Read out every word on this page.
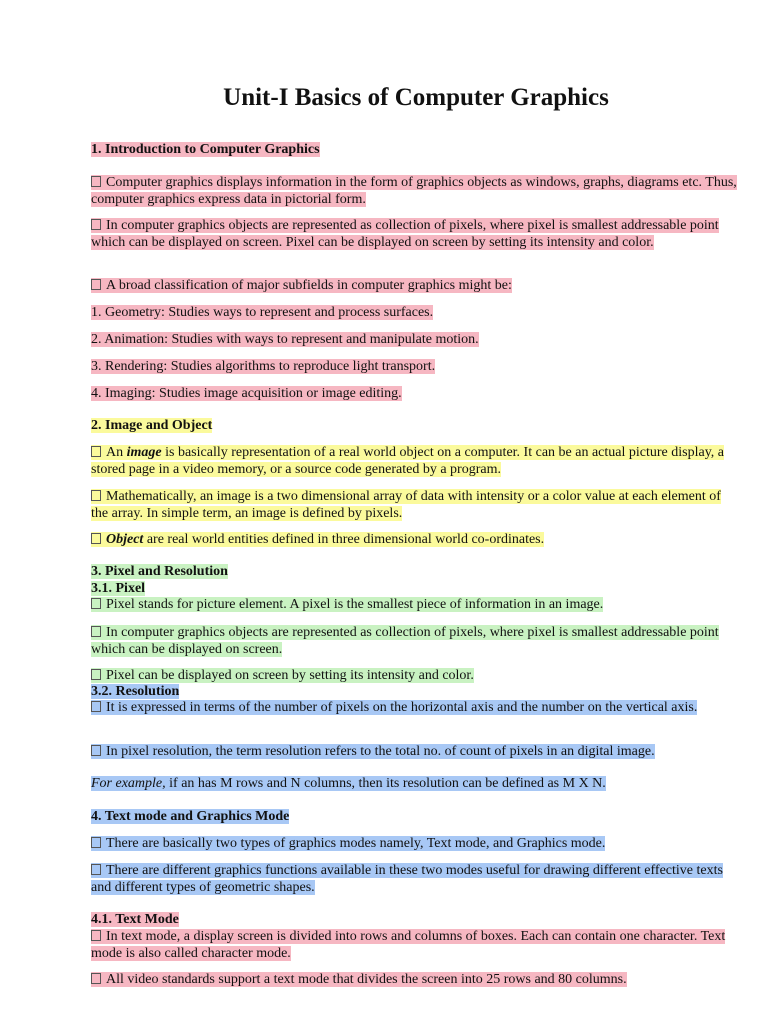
Unit-I Basics of Computer Graphics
1. Introduction to Computer Graphics
Computer graphics displays information in the form of graphics objects as windows, graphs, diagrams etc. Thus, computer graphics express data in pictorial form.
In computer graphics objects are represented as collection of pixels, where pixel is smallest addressable point which can be displayed on screen. Pixel can be displayed on screen by setting its intensity and color.
A broad classification of major subfields in computer graphics might be:
1. Geometry: Studies ways to represent and process surfaces.
2. Animation: Studies with ways to represent and manipulate motion.
3. Rendering: Studies algorithms to reproduce light transport.
4. Imaging: Studies image acquisition or image editing.
2. Image and Object
An image is basically representation of a real world object on a computer. It can be an actual picture display, a stored page in a video memory, or a source code generated by a program.
Mathematically, an image is a two dimensional array of data with intensity or a color value at each element of the array. In simple term, an image is defined by pixels.
Object are real world entities defined in three dimensional world co-ordinates.
3. Pixel and Resolution
3.1. Pixel
Pixel stands for picture element. A pixel is the smallest piece of information in an image.
In computer graphics objects are represented as collection of pixels, where pixel is smallest addressable point which can be displayed on screen.
Pixel can be displayed on screen by setting its intensity and color.
3.2. Resolution
It is expressed in terms of the number of pixels on the horizontal axis and the number on the vertical axis.
In pixel resolution, the term resolution refers to the total no. of count of pixels in an digital image.
For example, if an has M rows and N columns, then its resolution can be defined as M X N.
4. Text mode and Graphics Mode
There are basically two types of graphics modes namely, Text mode, and Graphics mode.
There are different graphics functions available in these two modes useful for drawing different effective texts and different types of geometric shapes.
4.1. Text Mode
In text mode, a display screen is divided into rows and columns of boxes. Each can contain one character. Text mode is also called character mode.
All video standards support a text mode that divides the screen into 25 rows and 80 columns.
